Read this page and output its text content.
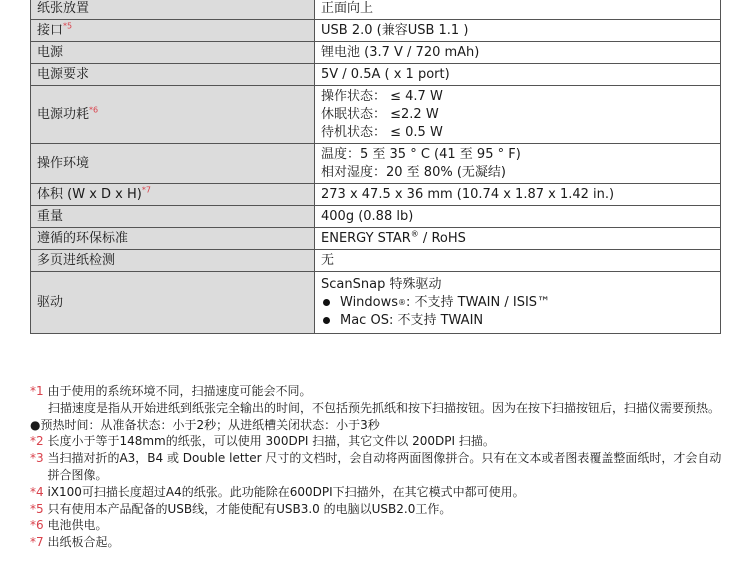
纸张放置	正面向上

接口$^{*5}$	USB 2.0 (兼容USB 1.1 )

电源	锂电池 (3.7 V / 720 mAh)

电源要求	5V / 0.5A ( x 1 port)

电源功耗$^{*6}$	操作状态： ≤ 4.7 W
休眠状态： ≤2.2 W
待机状态： ≤ 0.5 W

操作环境	温度：5 至 35 ° C (41 至 95 ° F)
相对湿度：20 至 80% (无凝结)

体积 (W x D x H)$^{*7}$	273 x 47.5 x 36 mm (10.74 x 1.87 x 1.42 in.)

重量	400g (0.88 lb)

遵循的环保标准	ENERGY STAR® / RoHS

多页进纸检测	无

驱动	ScanSnap 特殊驱动
Windows ® : 不支持 TWAIN / ISIS™
Mac OS: 不支持 TWAIN
*1 由于使用的系统环境不同，扫描速度可能会不同。
扫描速度是指从开始进纸到纸张完全输出的时间，不包括预先抓纸和按下扫描按钮。因为在按下扫描按钮后，扫描仪需要预热。
●预热时间：从准备状态：小于2秒；从进纸槽关闭状态：小于3秒
*2 长度小于等于148mm的纸张，可以使用 300DPI 扫描，其它文件以 200DPI 扫描。
*3 当扫描对折的A3，B4 或 Double letter 尺寸的文档时，会自动将两面图像拼合。只有在文本或者图表覆盖整面纸时，才会自动拼合图像。
*4 iX100可扫描长度超过A4的纸张。此功能除在600DPI下扫描外，在其它模式中都可使用。
*5 只有使用本产品配备的USB线，才能使配有USB3.0 的电脑以USB2.0工作。
*6 电池供电。
*7 出纸板合起。
